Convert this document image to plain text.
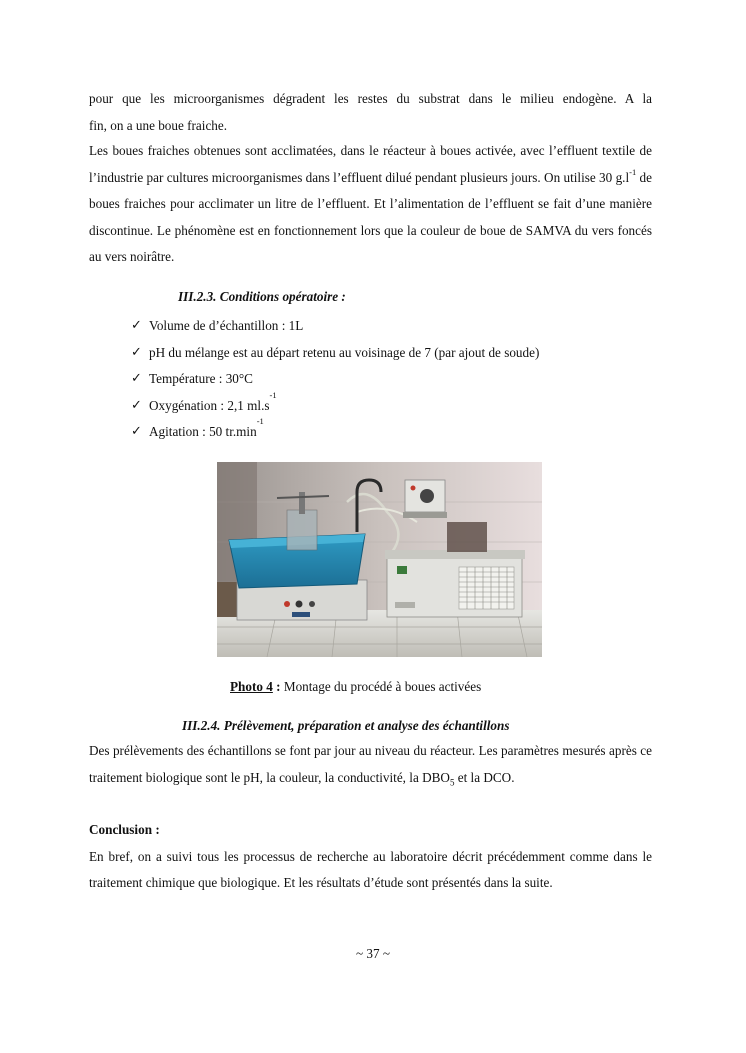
pour que les microorganismes dégradent les restes du substrat dans le milieu endogène. A la

fin, on a une boue fraiche.

Les boues fraiches obtenues sont acclimatées, dans le réacteur à boues activée, avec l’effluent textile de l’industrie par cultures microorganismes dans l’effluent dilué pendant plusieurs jours. On utilise 30 $g.l^{-1}$ de boues fraiches pour acclimater un litre de l’effluent. Et l’alimentation de l’effluent se fait d’une manière discontinue. Le phénomène est en fonctionnement lors que la couleur de boue de SAMVA du vers foncés au vers noirâtre.

III.2.3. Conditions opératoire :
✓ Volume de d’échantillon : 1L
✓ pH du mélange est au départ retenu au voisinage de 7 (par ajout de soude)
✓ Température : 30°C
✓ Oxygénation : 2,1 ml.s
$^{-1}$
✓ Agitation : 50 tr.min
$^{-1}$
Photo 4 : Montage du procédé à boues activées
III.2.4. Prélèvement, préparation et analyse des échantillons

Des prélèvements des échantillons se font par jour au niveau du réacteur. Les paramètres mesurés après ce traitement biologique sont le pH, la couleur, la conductivité, la $DBO_5$ et la DCO.

Conclusion :

En bref, on a suivi tous les processus de recherche au laboratoire décrit précédemment comme dans le traitement chimique que biologique. Et les résultats d’étude sont présentés dans la suite.

~ 37 ~
